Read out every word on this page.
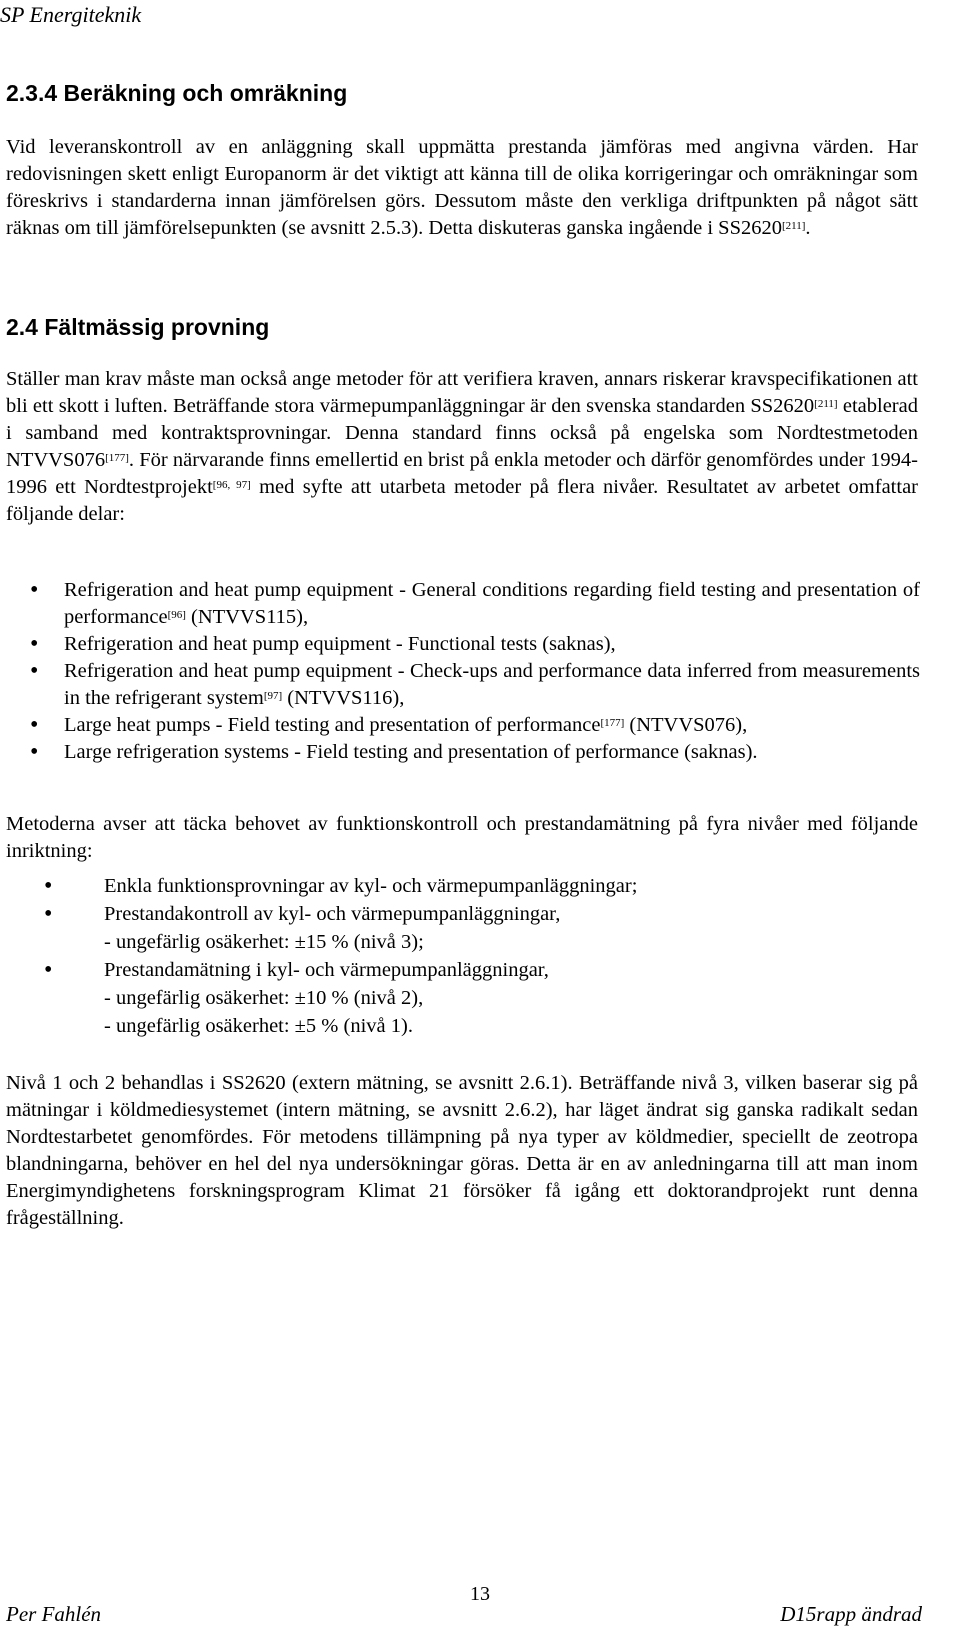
SP Energiteknik
2.3.4 Beräkning och omräkning

Vid leveranskontroll av en anläggning skall uppmätta prestanda jämföras med angivna värden. Har redovisningen skett enligt Europanorm är det viktigt att känna till de olika korrigeringar och omräkningar som föreskrivs i standarderna innan jämförelsen görs. Dessutom måste den verkliga driftpunkten på något sätt räknas om till jämförelsepunkten (se avsnitt 2.5.3). Detta diskuteras ganska ingående i SS2620[211].

2.4 Fältmässig provning

Ställer man krav måste man också ange metoder för att verifiera kraven, annars riskerar kravspecifikationen att bli ett skott i luften. Beträffande stora värmepumpanläggningar är den svenska standarden SS2620[211] etablerad i samband med kontraktsprovningar. Denna standard finns också på engelska som Nordtestmetoden NTVVS076[177]. För närvarande finns emellertid en brist på enkla metoder och därför genomfördes under 1994-1996 ett Nordtestprojekt[96, 97] med syfte att utarbeta metoder på flera nivåer. Resultatet av arbetet omfattar följande delar:

• Refrigeration and heat pump equipment - General conditions regarding field testing and presentation of performance[96] (NTVVS115),
• Refrigeration and heat pump equipment - Functional tests (saknas),
• Refrigeration and heat pump equipment - Check-ups and performance data inferred from measurements in the refrigerant system[97] (NTVVS116),
• Large heat pumps - Field testing and presentation of performance[177] (NTVVS076),
• Large refrigeration systems - Field testing and presentation of performance (saknas).

Metoderna avser att täcka behovet av funktionskontroll och prestandamätning på fyra nivåer med följande inriktning:

• Enkla funktionsprovningar av kyl- och värmepumpanläggningar;
• Prestandakontroll av kyl- och värmepumpanläggningar,
- ungefärlig osäkerhet: ±15 % (nivå 3);
• Prestandamätning i kyl- och värmepumpanläggningar,
- ungefärlig osäkerhet: ±10 % (nivå 2),
- ungefärlig osäkerhet: ±5 % (nivå 1).

Nivå 1 och 2 behandlas i SS2620 (extern mätning, se avsnitt 2.6.1). Beträffande nivå 3, vilken baserar sig på mätningar i köldmediesystemet (intern mätning, se avsnitt 2.6.2), har läget ändrat sig ganska radikalt sedan Nordtestarbetet genomfördes. För metodens tillämpning på nya typer av köldmedier, speciellt de zeotropa blandningarna, behöver en hel del nya undersökningar göras. Detta är en av anledningarna till att man inom Energimyndighetens forskningsprogram Klimat 21 försöker få igång ett doktorandprojekt runt denna frågeställning.

13
Per Fahlén	D15rapp ändrad
